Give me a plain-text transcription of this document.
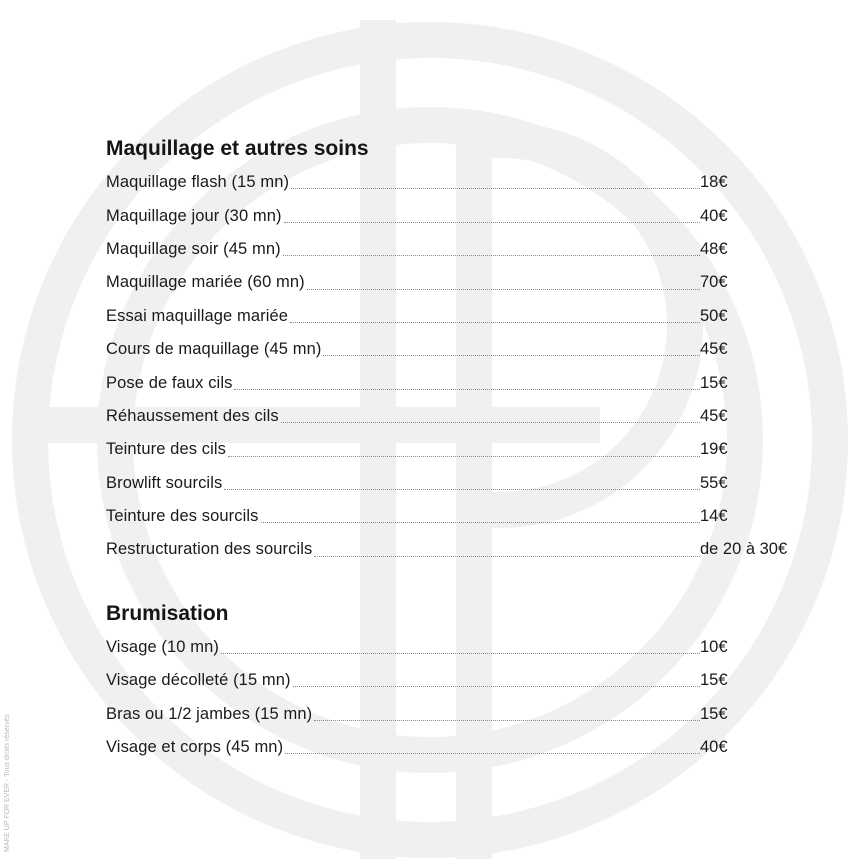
Maquillage et autres soins
Maquillage flash (15 mn)	18€
Maquillage jour (30 mn)	40€
Maquillage soir (45 mn)	48€
Maquillage mariée (60 mn)	70€
Essai maquillage mariée	50€
Cours de maquillage (45 mn)	45€
Pose de faux cils	15€
Réhaussement des cils	45€
Teinture des cils	19€
Browlift sourcils	55€
Teinture des sourcils	14€
Restructuration des sourcils	de 20 à 30€
Brumisation
Visage (10 mn)	10€
Visage décolleté (15 mn)	15€
Bras ou 1/2 jambes (15 mn)	15€
Visage et corps (45 mn)	40€
MAKE UP FOR EVER - Tous droits réservés
